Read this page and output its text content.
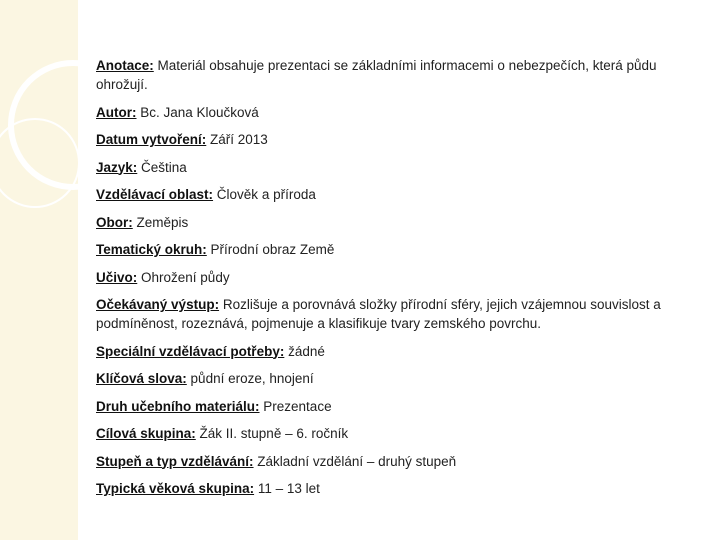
Anotace: Materiál obsahuje prezentaci se základními informacemi o nebezpečích, která půdu ohrožují.

Autor: Bc. Jana Kloučková

Datum vytvoření: Září 2013

Jazyk: Čeština

Vzdělávací oblast: Člověk a příroda

Obor: Zeměpis

Tematický okruh: Přírodní obraz Země

Učivo: Ohrožení půdy

Očekávaný výstup: Rozlišuje a porovnává složky přírodní sféry, jejich vzájemnou souvislost a podmíněnost, rozeznává, pojmenuje a klasifikuje tvary zemského povrchu.

Speciální vzdělávací potřeby: žádné

Klíčová slova: půdní eroze, hnojení

Druh učebního materiálu: Prezentace

Cílová skupina: Žák II. stupně – 6. ročník

Stupeň a typ vzdělávání: Základní vzdělání – druhý stupeň

Typická věková skupina: 11 – 13 let
